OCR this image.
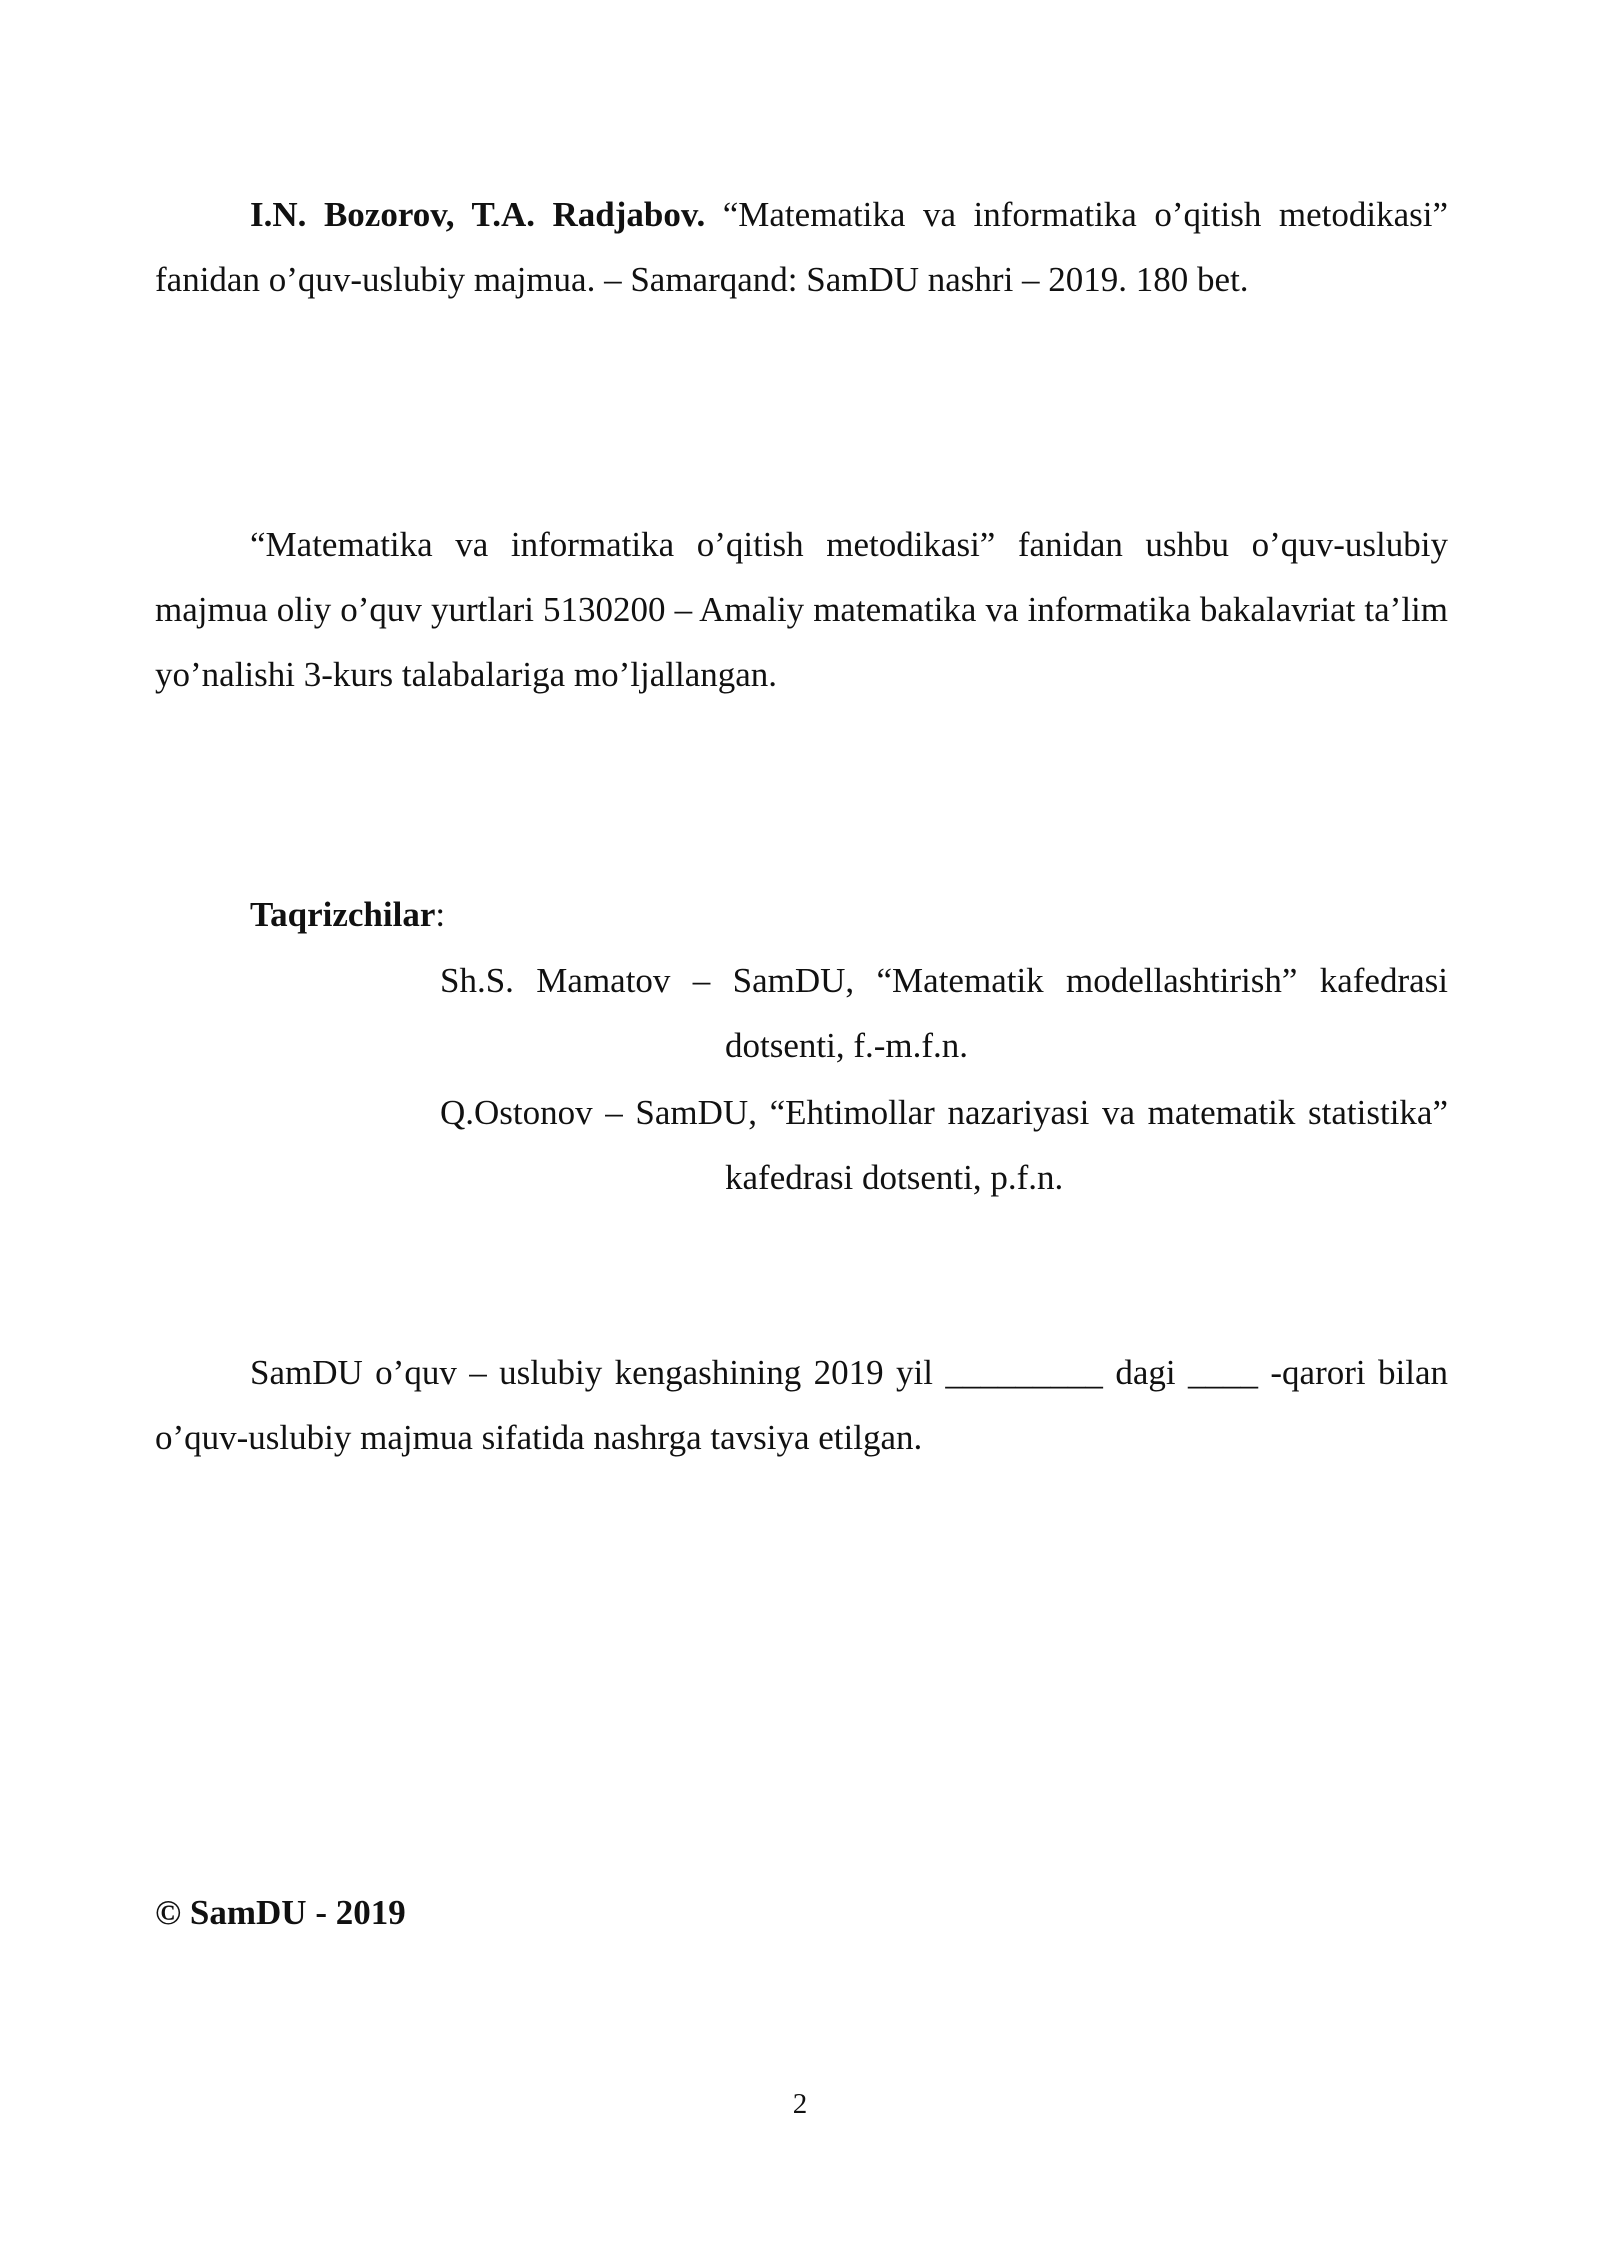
I.N. Bozorov, T.A. Radjabov. “Matematika va informatika o’qitish metodikasi” fanidan o’quv-uslubiy majmua. – Samarqand: SamDU nashri – 2019. 180 bet.

“Matematika va informatika o’qitish metodikasi” fanidan ushbu o’quv-uslubiy majmua oliy o’quv yurtlari 5130200 – Amaliy matematika va informatika bakalavriat ta’lim yo’nalishi 3-kurs talabalariga mo’ljallangan.

Taqrizchilar:

Sh.S. Mamatov – SamDU, “Matematik modellashtirish” kafedrasi dotsenti, f.-m.f.n.

Q.Ostonov – SamDU, “Ehtimollar nazariyasi va matematik statistika” kafedrasi dotsenti, p.f.n.

SamDU o’quv – uslubiy kengashining 2019 yil _________ dagi ____ -qarori bilan o’quv-uslubiy majmua sifatida nashrga tavsiya etilgan.

© SamDU - 2019

2
